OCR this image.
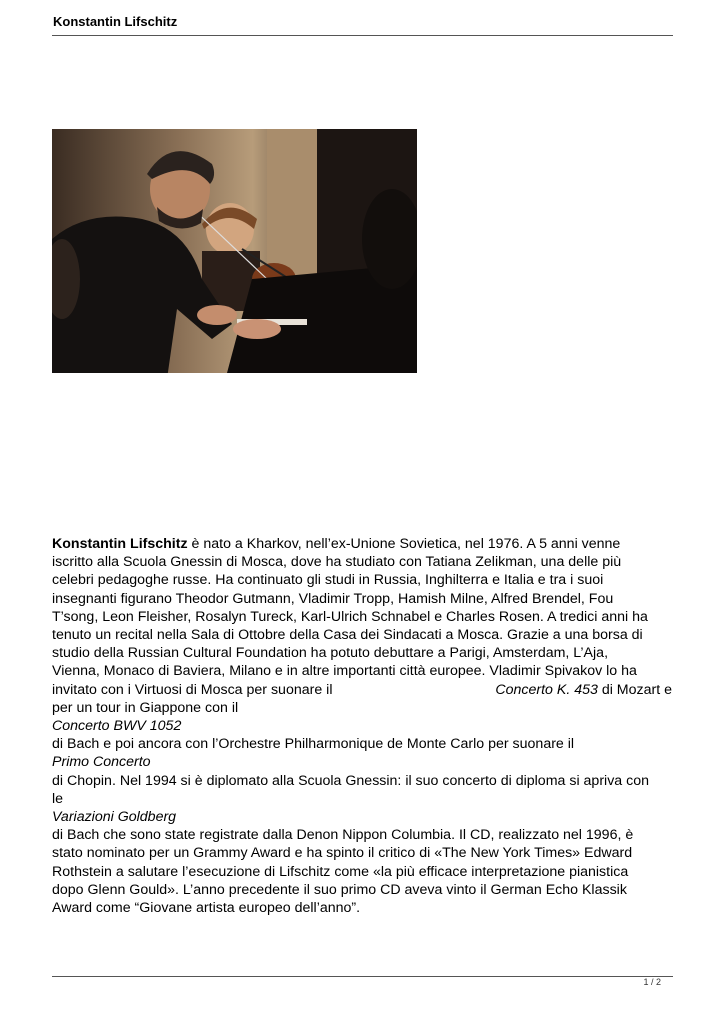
Konstantin Lifschitz

Konstantin Lifschitz è nato a Kharkov, nell’ex-Unione Sovietica, nel 1976. A 5 anni venne
iscritto alla Scuola Gnessin di Mosca, dove ha studiato con Tatiana Zelikman, una delle più
celebri pedagoghe russe. Ha continuato gli studi in Russia, Inghilterra e Italia e tra i suoi
insegnanti figurano Theodor Gutmann, Vladimir Tropp, Hamish Milne, Alfred Brendel, Fou
T’song, Leon Fleisher, Rosalyn Tureck, Karl-Ulrich Schnabel e Charles Rosen. A tredici anni ha
tenuto un recital nella Sala di Ottobre della Casa dei Sindacati a Mosca. Grazie a una borsa di
studio della Russian Cultural Foundation ha potuto debuttare a Parigi, Amsterdam, L’Aja,
Vienna, Monaco di Baviera, Milano e in altre importanti città europee. Vladimir Spivakov lo ha
invitato con i Virtuosi di Mosca per suonare il	Concerto K. 453 di Mozart e
per un tour in Giappone con il
Concerto BWV 1052
di Bach e poi ancora con l’Orchestre Philharmonique de Monte Carlo per suonare il
Primo Concerto
di Chopin. Nel 1994 si è diplomato alla Scuola Gnessin: il suo concerto di diploma si apriva con
le
Variazioni Goldberg
di Bach che sono state registrate dalla Denon Nippon Columbia. Il CD, realizzato nel 1996, è
stato nominato per un Grammy Award e ha spinto il critico di «The New York Times» Edward
Rothstein a salutare l’esecuzione di Lifschitz come «la più efficace interpretazione pianistica
dopo Glenn Gould». L’anno precedente il suo primo CD aveva vinto il German Echo Klassik
Award come “Giovane artista europeo dell’anno”.

1 / 2
